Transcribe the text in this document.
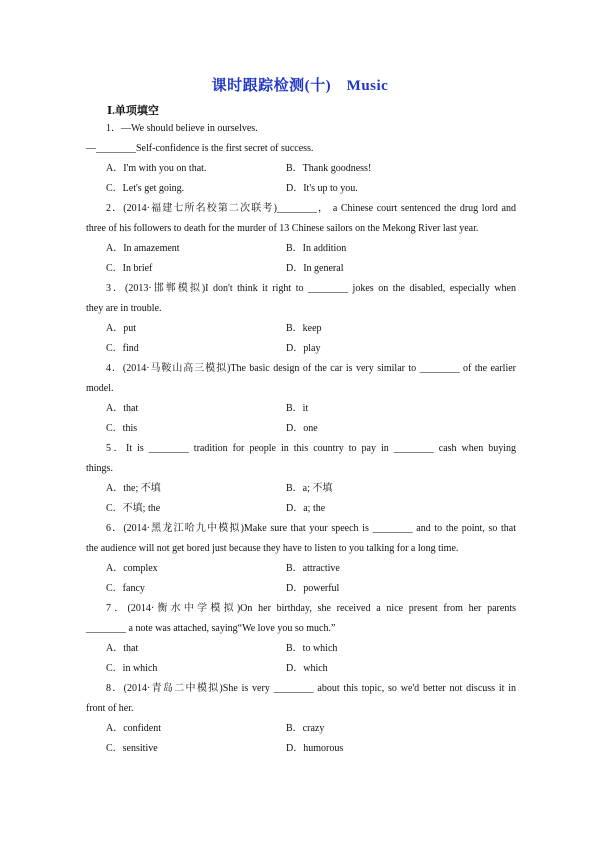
课时跟踪检测(十)　Music
Ⅰ.单项填空
1．—We should believe in ourselves.
—________Self-confidence is the first secret of success.
A．I'm with you on that.	B．Thank goodness!
C．Let's get going.	D．It's up to you.
2．(2014·福建七所名校第二次联考)________， a Chinese court sentenced the drug lord and
three of his followers to death for the murder of 13 Chinese sailors on the Mekong River last year.
A．In amazement	B．In addition
C．In brief	D．In general
3．(2013·邯郸模拟)I don't think it right to ________ jokes on the disabled, especially when
they are in trouble.
A．put	B．keep
C．find	D．play
4．(2014·马鞍山高三模拟)The basic design of the car is very similar to ________ of the earlier
model.
A．that	B．it
C．this	D．one
5．It is ________ tradition for people in this country to pay in ________ cash when buying
things.
A．the; 不填	B．a; 不填
C．不填; the	D．a; the
6．(2014·黑龙江哈九中模拟)Make sure that your speech is ________ and to the point, so that
the audience will not get bored just because they have to listen to you talking for a long time.
A．complex	B．attractive
C．fancy	D．powerful
7．(2014·衡水中学模拟)On her birthday, she received a nice present from her parents
________ a note was attached, saying“We love you so much.”
A．that	B．to which
C．in which	D．which
8．(2014·青岛二中模拟)She is very ________ about this topic, so we'd better not discuss it in
front of her.
A．confident	B．crazy
C．sensitive	D．humorous
